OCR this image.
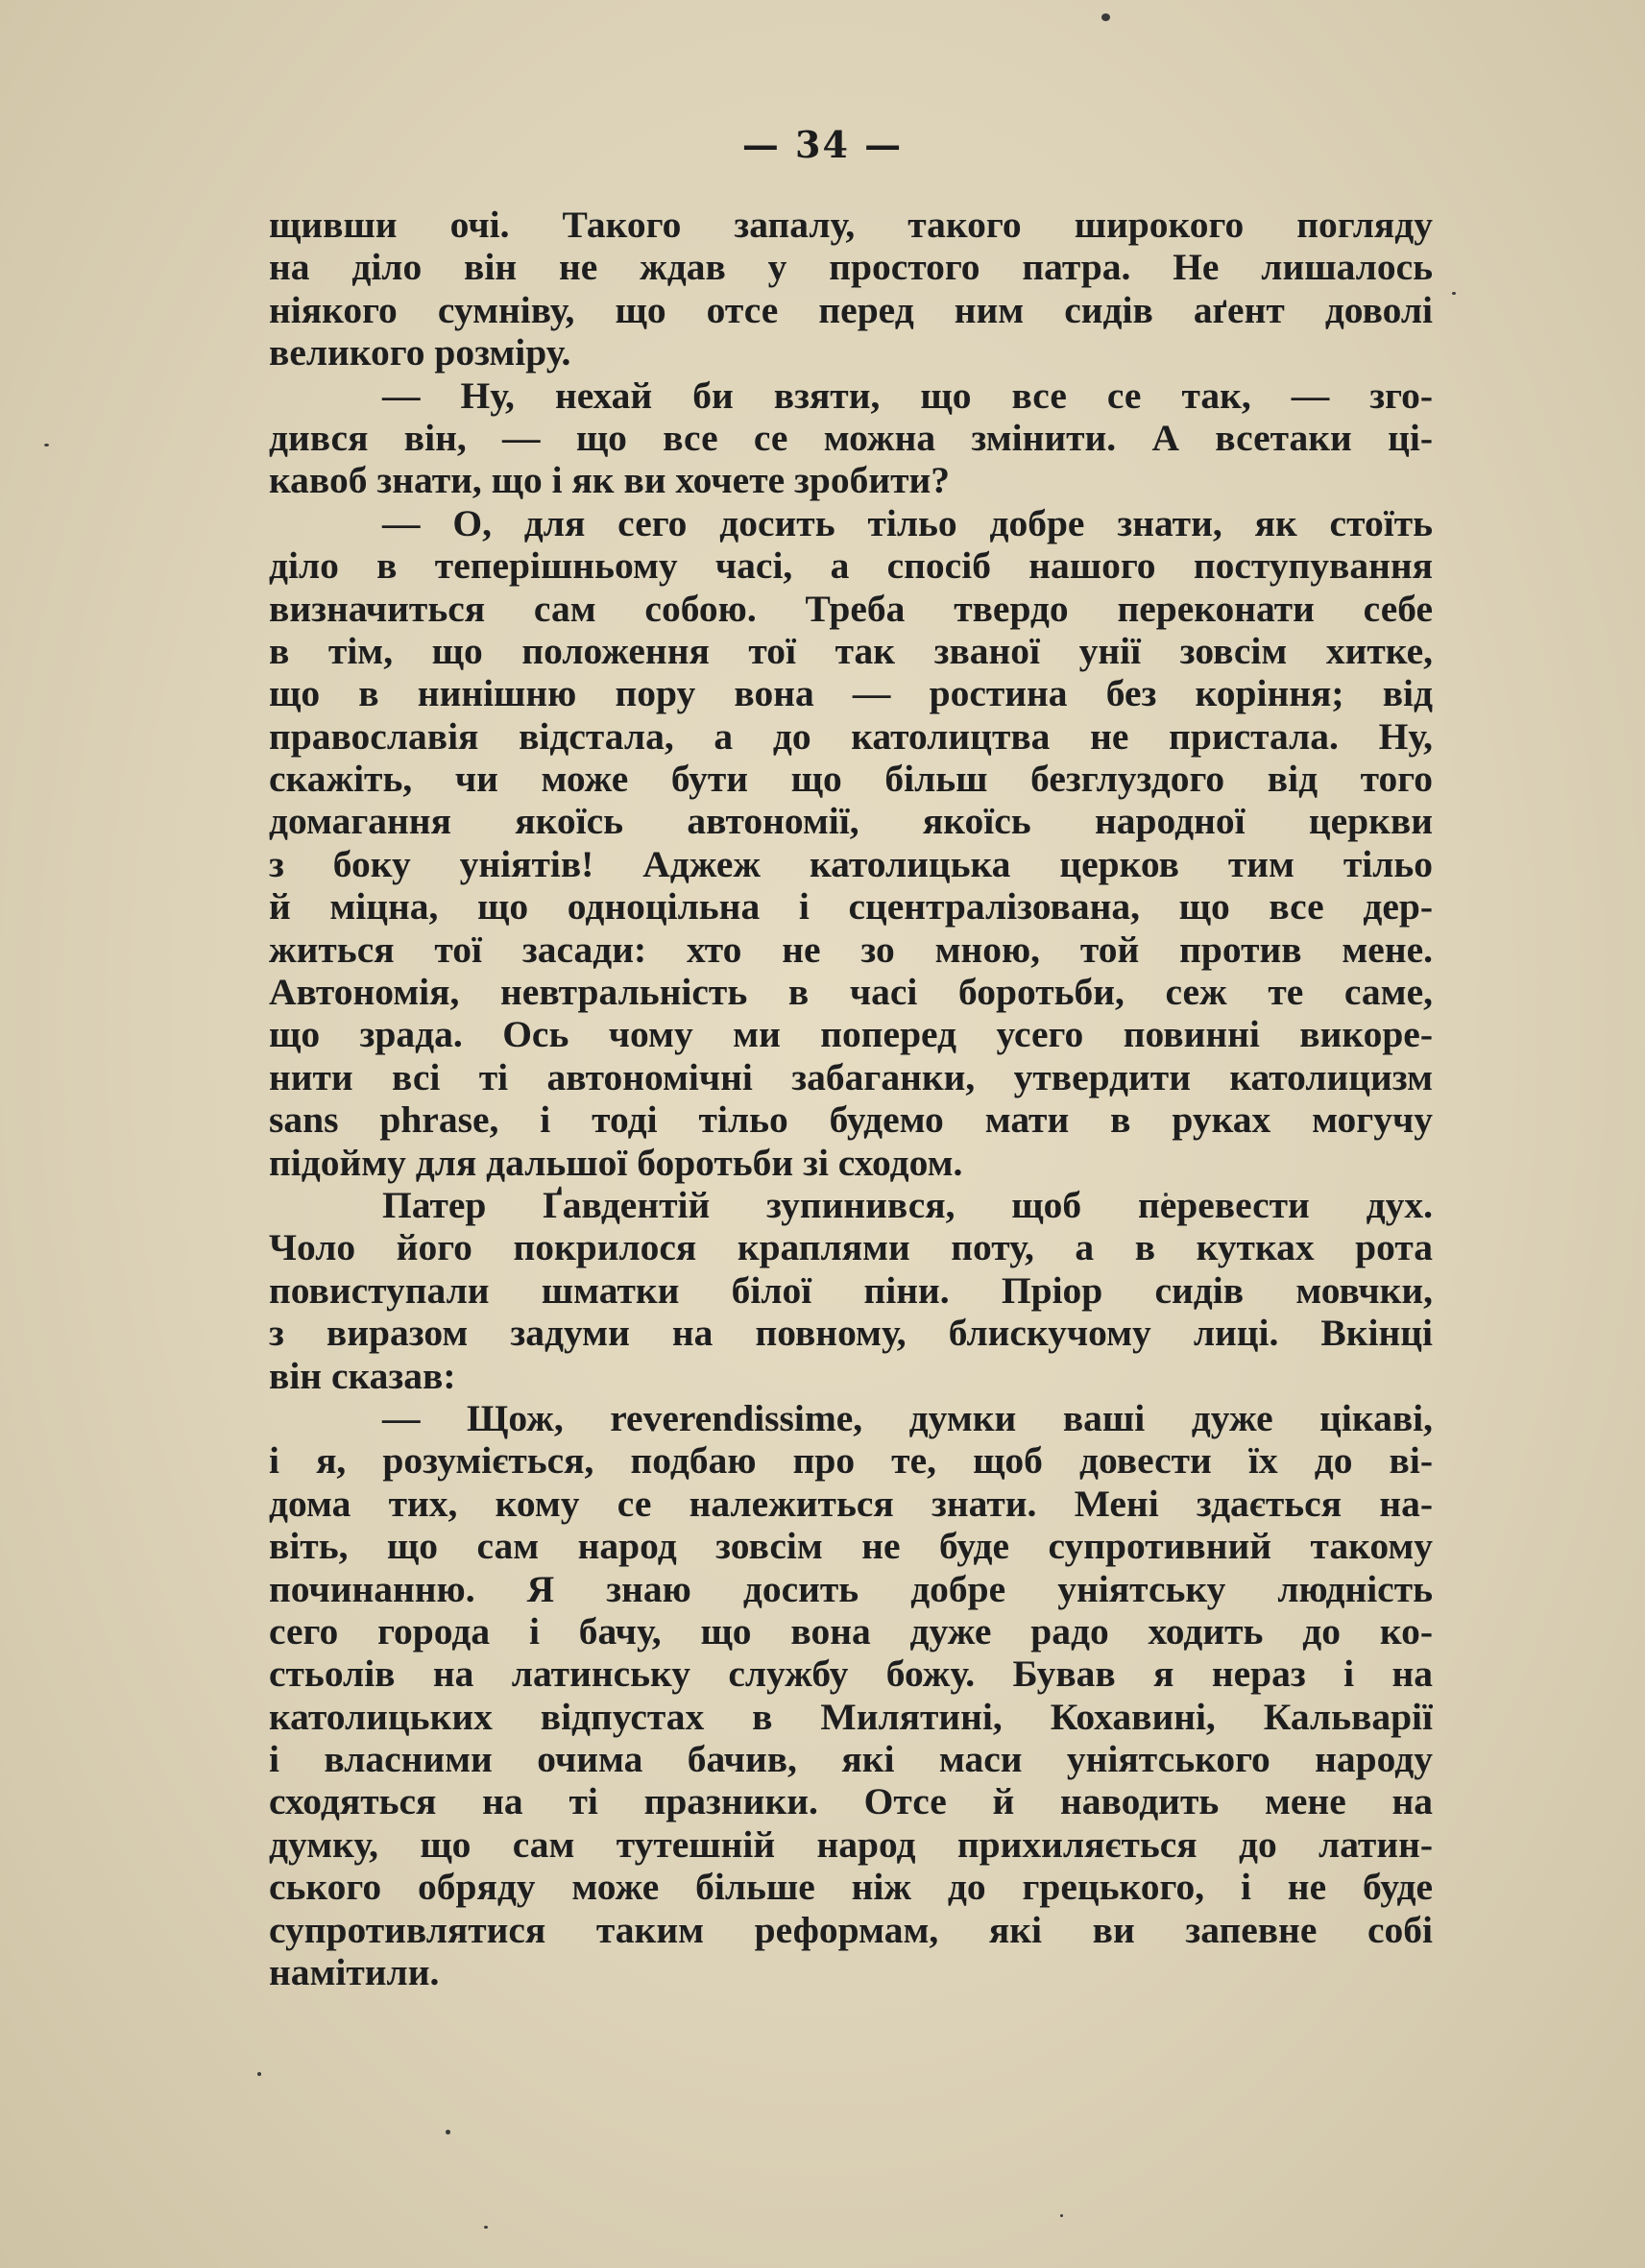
— 34 —
щивши очі. Такого запалу, такого широкого погляду
на діло він не ждав у простого патра. Не лишалось
ніякого сумніву, що отсе перед ним сидів аґент доволі
великого розміру.
— Ну, нехай би взяти, що все се так, — зго-
дився він, — що все се можна змінити. А всетаки ці-
кавоб знати, що і як ви хочете зробити?
— О, для сего досить тільо добре знати, як стоїть
діло в теперішньому часі, а спосіб нашого поступування
визначиться сам собою. Треба твердо переконати себе
в тім, що положення тої так званої унії зовсім хитке,
що в нинішню пору вона — ростина без коріння; від
православія відстала, а до католицтва не пристала. Ну,
скажіть, чи може бути що більш безглуздого від того
домагання якоїсь автономії, якоїсь народної церкви
з боку уніятів! Аджеж католицька церков тим тільо
й міцна, що одноцільна і сцентралізована, що все дер-
житься тої засади: хто не зо мною, той против мене.
Автономія, невтральність в часі боротьби, сеж те саме,
що зрада. Ось чому ми поперед усего повинні викоре-
нити всі ті автономічні забаганки, утвердити католицизм
sans phrase, і тоді тільо будемо мати в руках могучу
підойму для дальшої боротьби зі сходом.
Патер Ґавдентій зупинився, щоб перевести дух.
Чоло його покрилося краплями поту, а в кутках рота
повиступали шматки білої піни. Пріор сидів мовчки,
з виразом задуми на повному, блискучому лиці. Вкінці
він сказав:
— Щож, reverendissime, думки ваші дуже цікаві,
і я, розуміється, подбаю про те, щоб довести їх до ві-
дома тих, кому се належиться знати. Мені здається на-
віть, що сам народ зовсім не буде супротивний такому
починанню. Я знаю досить добре уніятську людність
сего города і бачу, що вона дуже радо ходить до ко-
стьолів на латинську службу божу. Бував я нераз і на
католицьких відпустах в Милятині, Кохавині, Кальварії
і власними очима бачив, які маси уніятського народу
сходяться на ті празники. Отсе й наводить мене на
думку, що сам тутешній народ прихиляється до латин-
ського обряду може більше ніж до грецького, і не буде
супротивлятися таким реформам, які ви запевне собі
намітили.
